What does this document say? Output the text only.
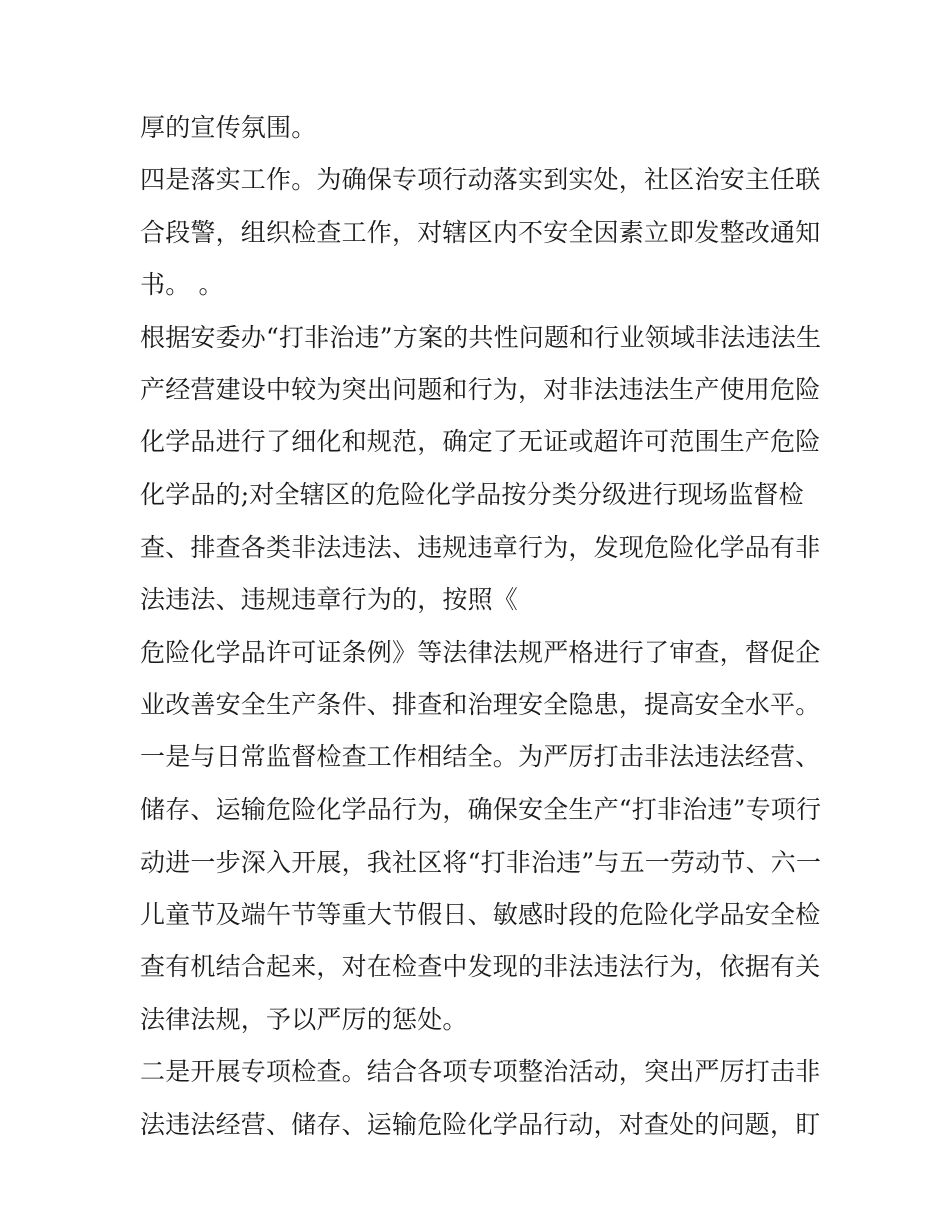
厚的宣传氛围。

四是落实工作。为确保专项行动落实到实处，社区治安主任联

合段警，组织检查工作，对辖区内不安全因素立即发整改通知

书。 。

根据安委办“打非治违”方案的共性问题和行业领域非法违法生

产经营建设中较为突出问题和行为，对非法违法生产使用危险

化学品进行了细化和规范，确定了无证或超许可范围生产危险

化学品的;对全辖区的危险化学品按分类分级进行现场监督检

查、排查各类非法违法、违规违章行为，发现危险化学品有非

法违法、违规违章行为的，按照《

危险化学品许可证条例》等法律法规严格进行了审查，督促企

业改善安全生产条件、排查和治理安全隐患，提高安全水平。

一是与日常监督检查工作相结全。为严厉打击非法违法经营、

储存、运输危险化学品行为，确保安全生产“打非治违”专项行

动进一步深入开展，我社区将“打非治违”与五一劳动节、六一

儿童节及端午节等重大节假日、敏感时段的危险化学品安全检

查有机结合起来，对在检查中发现的非法违法行为，依据有关

法律法规，予以严厉的惩处。

二是开展专项检查。结合各项专项整治活动，突出严厉打击非

法违法经营、储存、运输危险化学品行动，对查处的问题，盯
